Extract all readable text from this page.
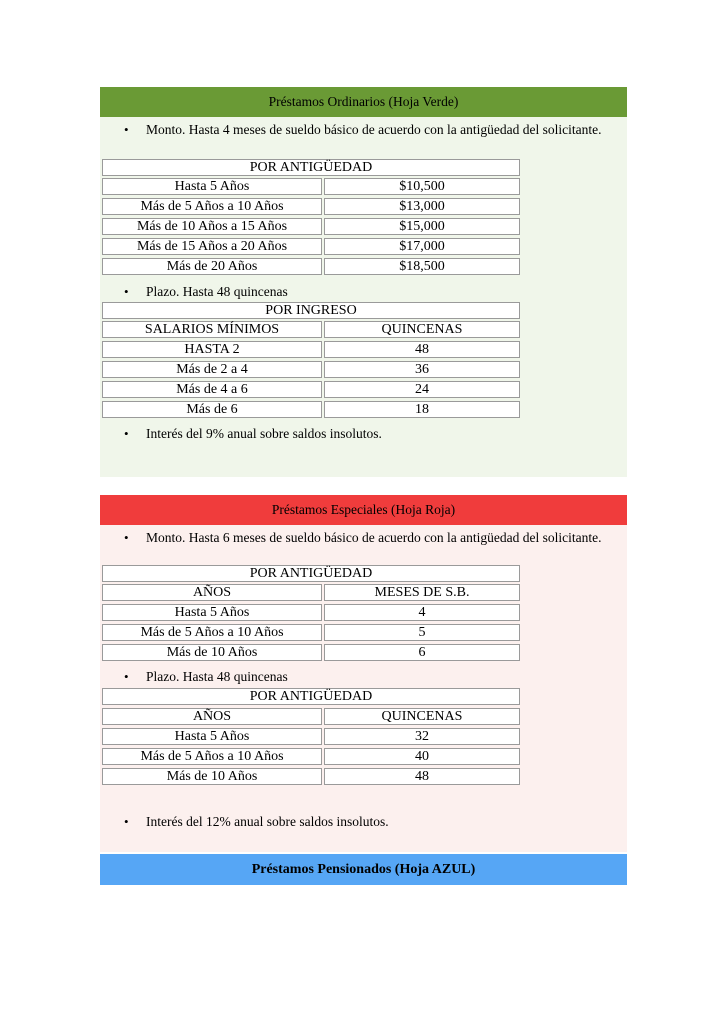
Préstamos Ordinarios (Hoja Verde)
• Monto. Hasta 4 meses de sueldo básico de acuerdo con la antigüedad del solicitante.
POR ANTIGÜEDAD
Hasta 5 Años	$10,500
Más de 5 Años a 10 Años	$13,000
Más de 10 Años a 15 Años	$15,000
Más de 15 Años a 20 Años	$17,000
Más de 20 Años	$18,500
• Plazo. Hasta 48 quincenas
POR INGRESO
SALARIOS MÍNIMOS	QUINCENAS
HASTA 2	48
Más de 2 a 4	36
Más de 4 a 6	24
Más de 6	18
• Interés del 9% anual sobre saldos insolutos.
Préstamos Especiales (Hoja Roja)
• Monto. Hasta 6 meses de sueldo básico de acuerdo con la antigüedad del solicitante.
POR ANTIGÜEDAD
AÑOS	MESES DE S.B.
Hasta 5 Años	4
Más de 5 Años a 10 Años	5
Más de 10 Años	6
• Plazo. Hasta 48 quincenas
POR ANTIGÜEDAD
AÑOS	QUINCENAS
Hasta 5 Años	32
Más de 5 Años a 10 Años	40
Más de 10 Años	48
• Interés del 12% anual sobre saldos insolutos.
Préstamos Pensionados (Hoja AZUL)
